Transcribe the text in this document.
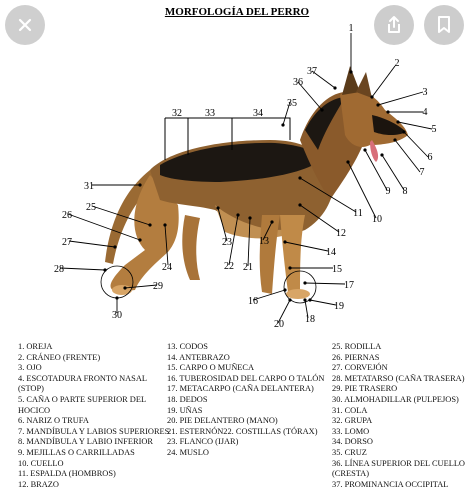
1
2
3
4
5
6
7
8
9
10
11
12
13
14
15
16
17
18
19
20
21
22
23
24
25
26
27
28
29
30
31
32 33	34
35
36
37
MORFOLOGÍA DEL PERRO
1. OREJA
2. CRÁNEO (FRENTE)
3. OJO
4. ESCOTADURA FRONTO NASAL
(STOP)
5. CAÑA O PARTE SUPERIOR DEL
HOCICO
6. NARIZ O TRUFA
7. MANDÍBULA Y LABIOS SUPERIORES
8. MANDÍBULA Y LABIO INFERIOR
9. MEJILLAS O CARRILLADAS
10. CUELLO
11. ESPALDA (HOMBROS)
12. BRAZO
13. CODOS
14. ANTEBRAZO
15. CARPO O MUÑECA
16. TUBEROSIDAD DEL CARPO O TALÓN
17. METACARPO (CAÑA DELANTERA)
18. DEDOS
19. UÑAS
20. PIE DELANTERO (MANO)
21. ESTERNÓN22. COSTILLAS (TÓRAX)
23. FLANCO (IJAR)
24. MUSLO
25. RODILLA
26. PIERNAS
27. CORVEJÓN
28. METATARSO (CAÑA TRASERA)
29. PIE TRASERO
30. ALMOHADILLAR (PULPEJOS)
31. COLA
32. GRUPA
33. LOMO
34. DORSO
35. CRUZ
36. LÍNEA SUPERIOR DEL CUELLO
(CRESTA)
37. PROMINANCIA OCCIPITAL
